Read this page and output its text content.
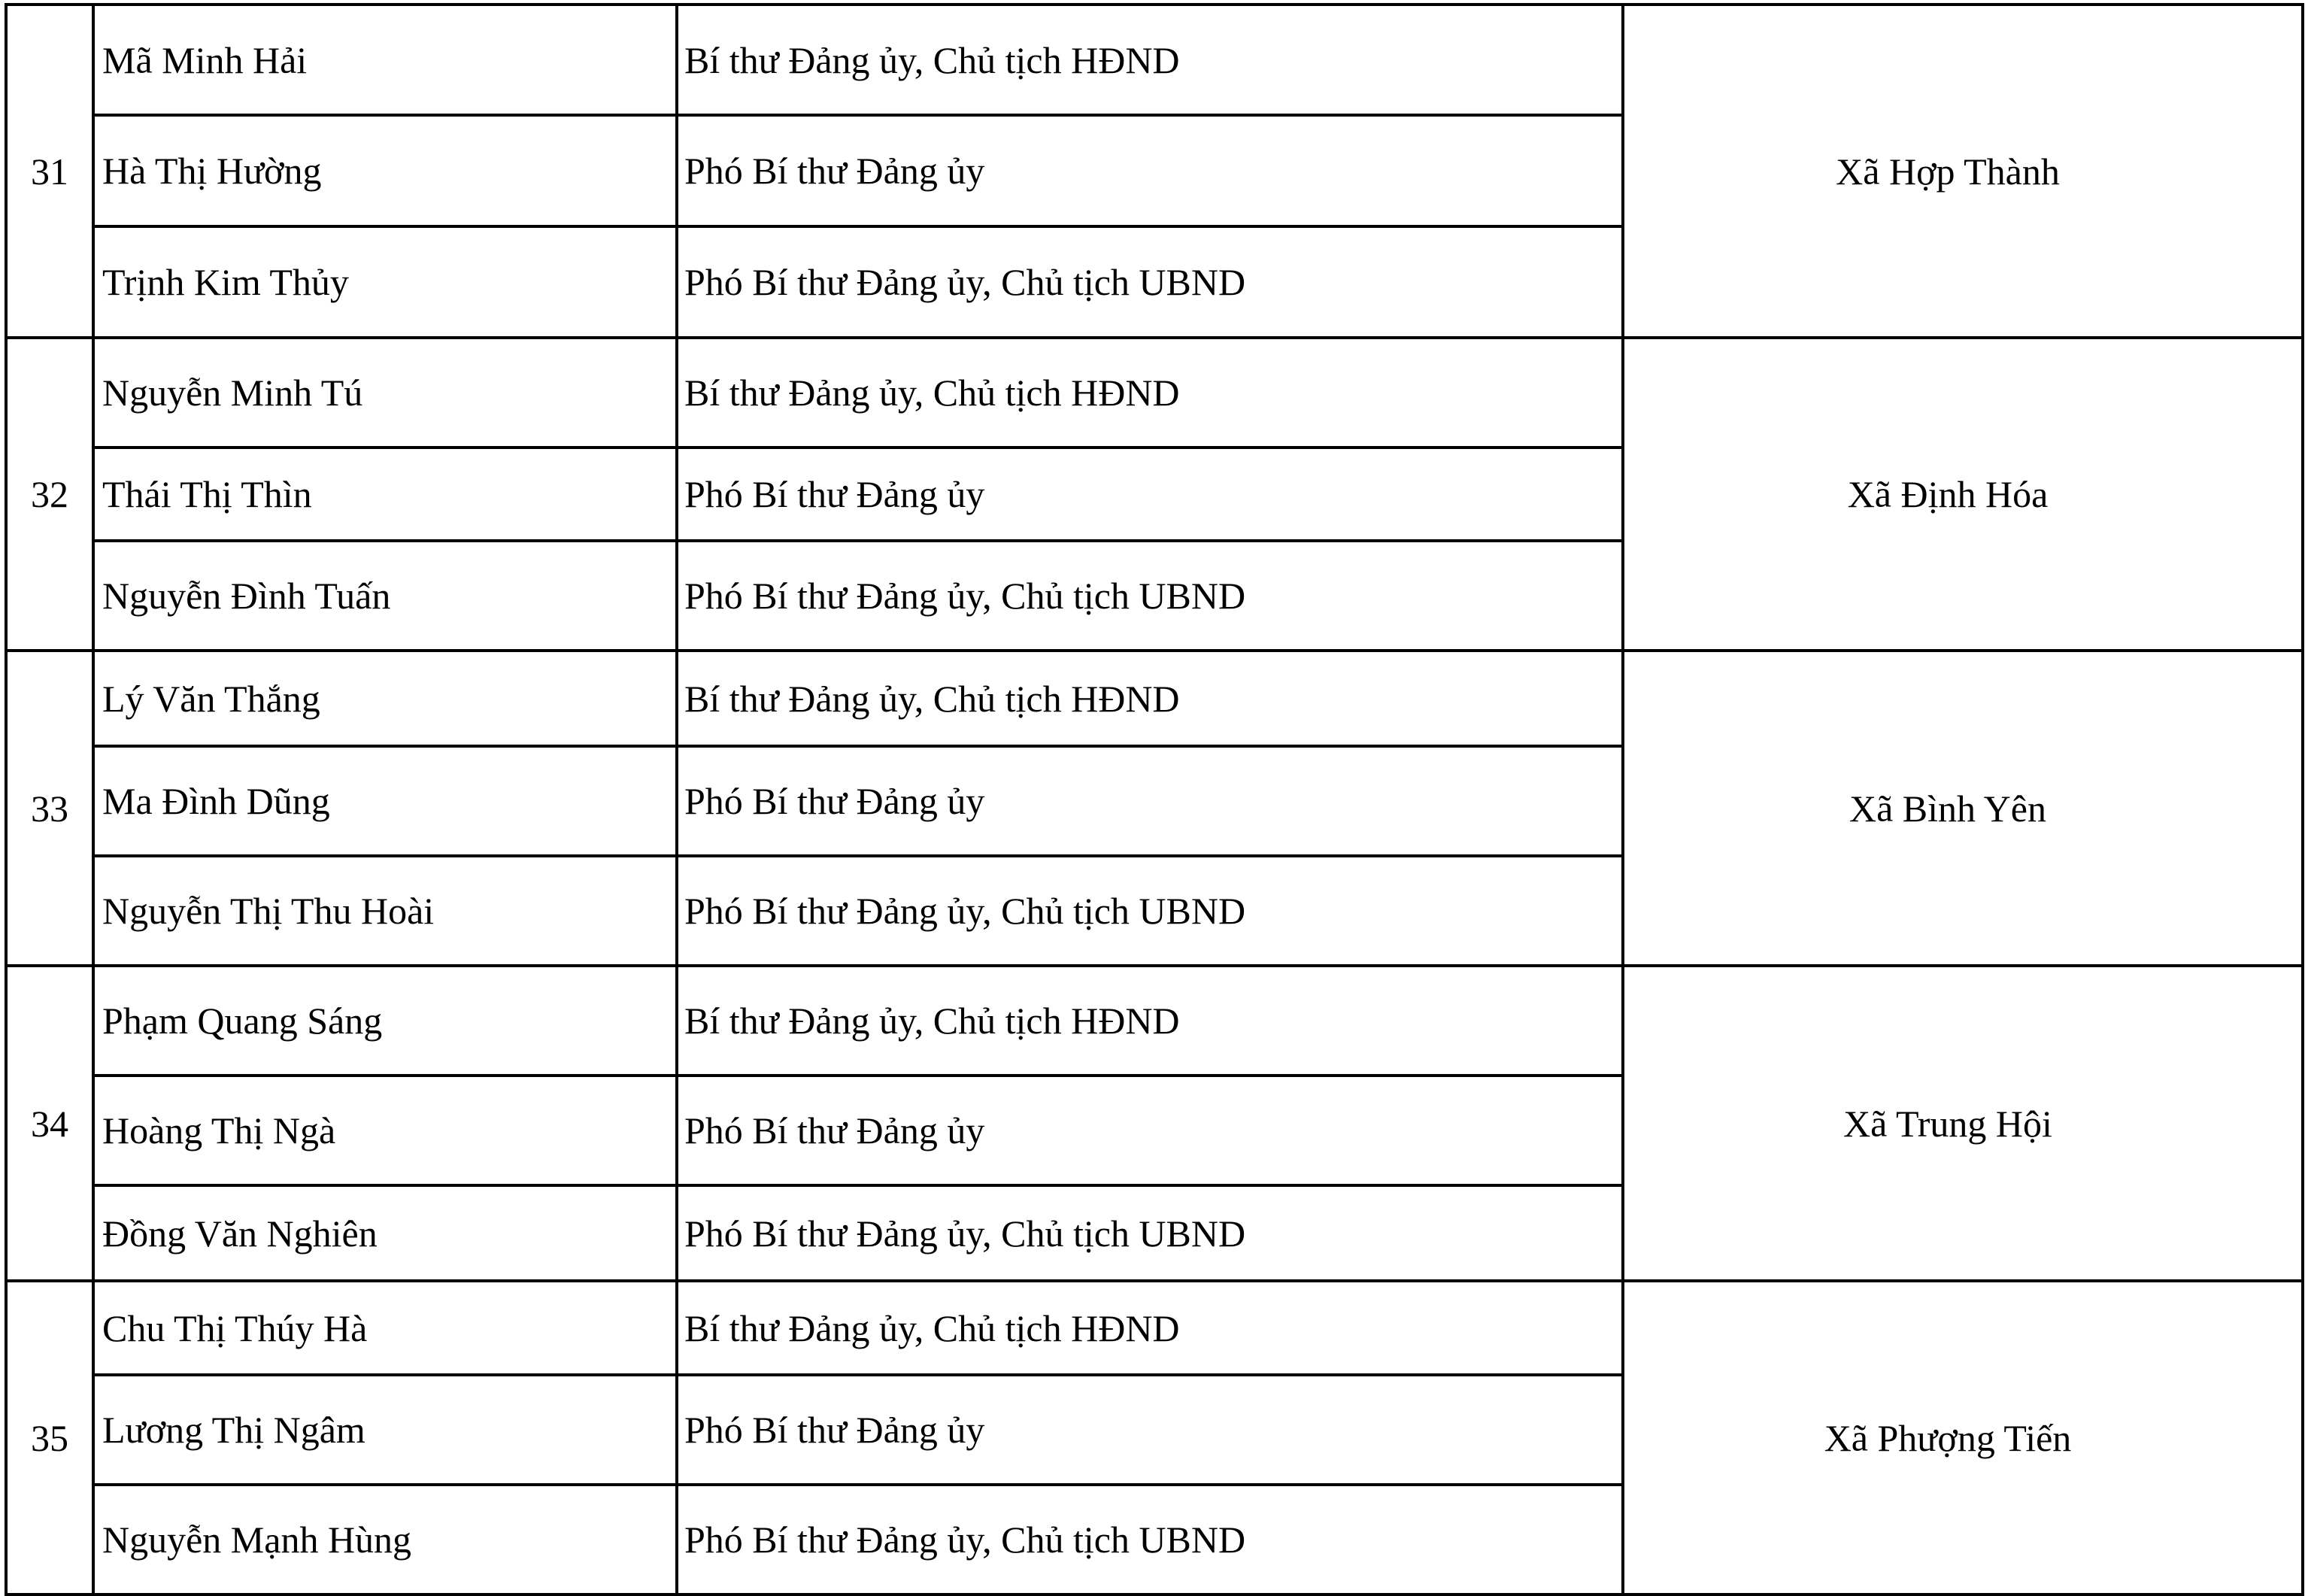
31	Mã Minh Hải	Bí thư Đảng ủy, Chủ tịch HĐND	Xã Hợp Thành
	Hà Thị Hường	Phó Bí thư Đảng ủy	
	Trịnh Kim Thủy	Phó Bí thư Đảng ủy, Chủ tịch UBND	
32	Nguyễn Minh Tú	Bí thư Đảng ủy, Chủ tịch HĐND	Xã Định Hóa
	Thái Thị Thìn	Phó Bí thư Đảng ủy	
	Nguyễn Đình Tuấn	Phó Bí thư Đảng ủy, Chủ tịch UBND	
33	Lý Văn Thắng	Bí thư Đảng ủy, Chủ tịch HĐND	Xã Bình Yên
	Ma Đình Dũng	Phó Bí thư Đảng ủy	
	Nguyễn Thị Thu Hoài	Phó Bí thư Đảng ủy, Chủ tịch UBND	
34	Phạm Quang Sáng	Bí thư Đảng ủy, Chủ tịch HĐND	Xã Trung Hội
	Hoàng Thị Ngà	Phó Bí thư Đảng ủy	
	Đồng Văn Nghiên	Phó Bí thư Đảng ủy, Chủ tịch UBND	
35	Chu Thị Thúy Hà	Bí thư Đảng ủy, Chủ tịch HĐND	Xã Phượng Tiến
	Lương Thị Ngâm	Phó Bí thư Đảng ủy	
	Nguyễn Mạnh Hùng	Phó Bí thư Đảng ủy, Chủ tịch UBND	
